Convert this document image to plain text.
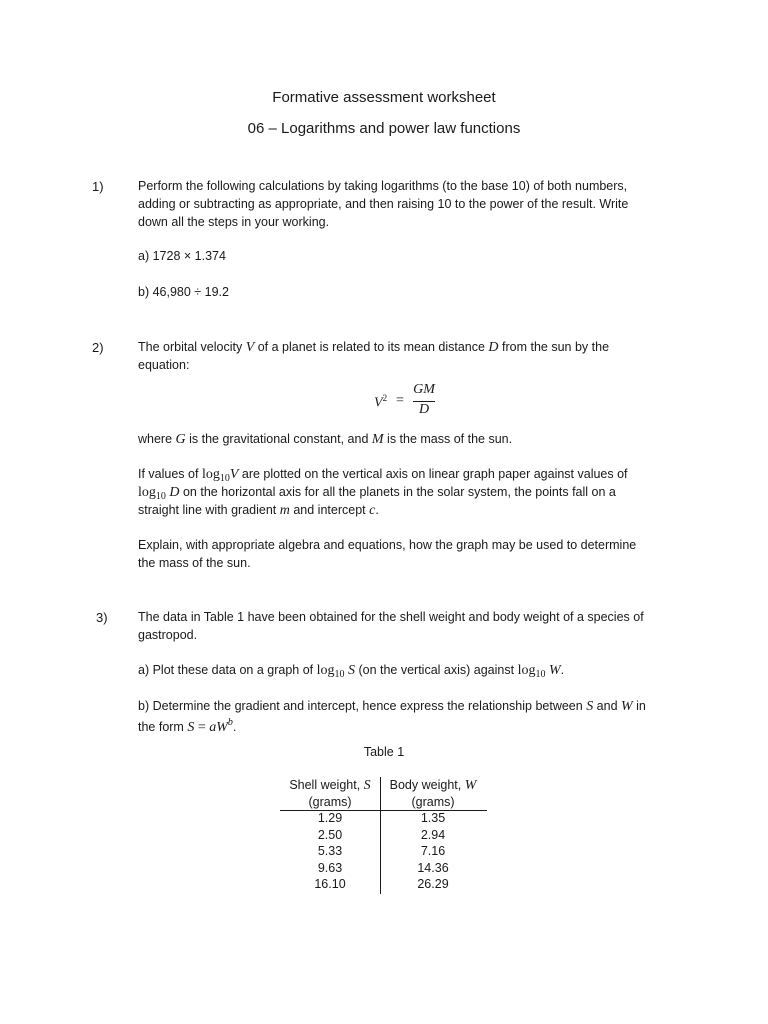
Formative assessment worksheet
06 – Logarithms and power law functions
1)	Perform the following calculations by taking logarithms (to the base 10) of both numbers,
adding or subtracting as appropriate, and then raising 10 to the power of the result. Write
down all the steps in your working.
a) 1728 × 1.374
b) 46,980 ÷ 19.2
2)	The orbital velocity V of a planet is related to its mean distance D from the sun by the
equation:
$V^2$ =
GM
D
where G is the gravitational constant, and M is the mass of the sun.
If values of $\log_{10}V$ are plotted on the vertical axis on linear graph paper against values of
$\log_{10} D$ on the horizontal axis for all the planets in the solar system, the points fall on a
straight line with gradient m and intercept c.
Explain, with appropriate algebra and equations, how the graph may be used to determine
the mass of the sun.
3) The data in Table 1 have been obtained for the shell weight and body weight of a species of
gastropod.
a) Plot these data on a graph of $\log_{10} S$ (on the vertical axis) against $\log_{10} W$.
b) Determine the gradient and intercept, hence express the relationship between S and W in
the form $S = aW^b$.
Table 1
Shell weight, S
(grams)
1.29
2.50
5.33
9.63
16.10
Body weight, W
(grams)
1.35
2.94
7.16
14.36
26.29
